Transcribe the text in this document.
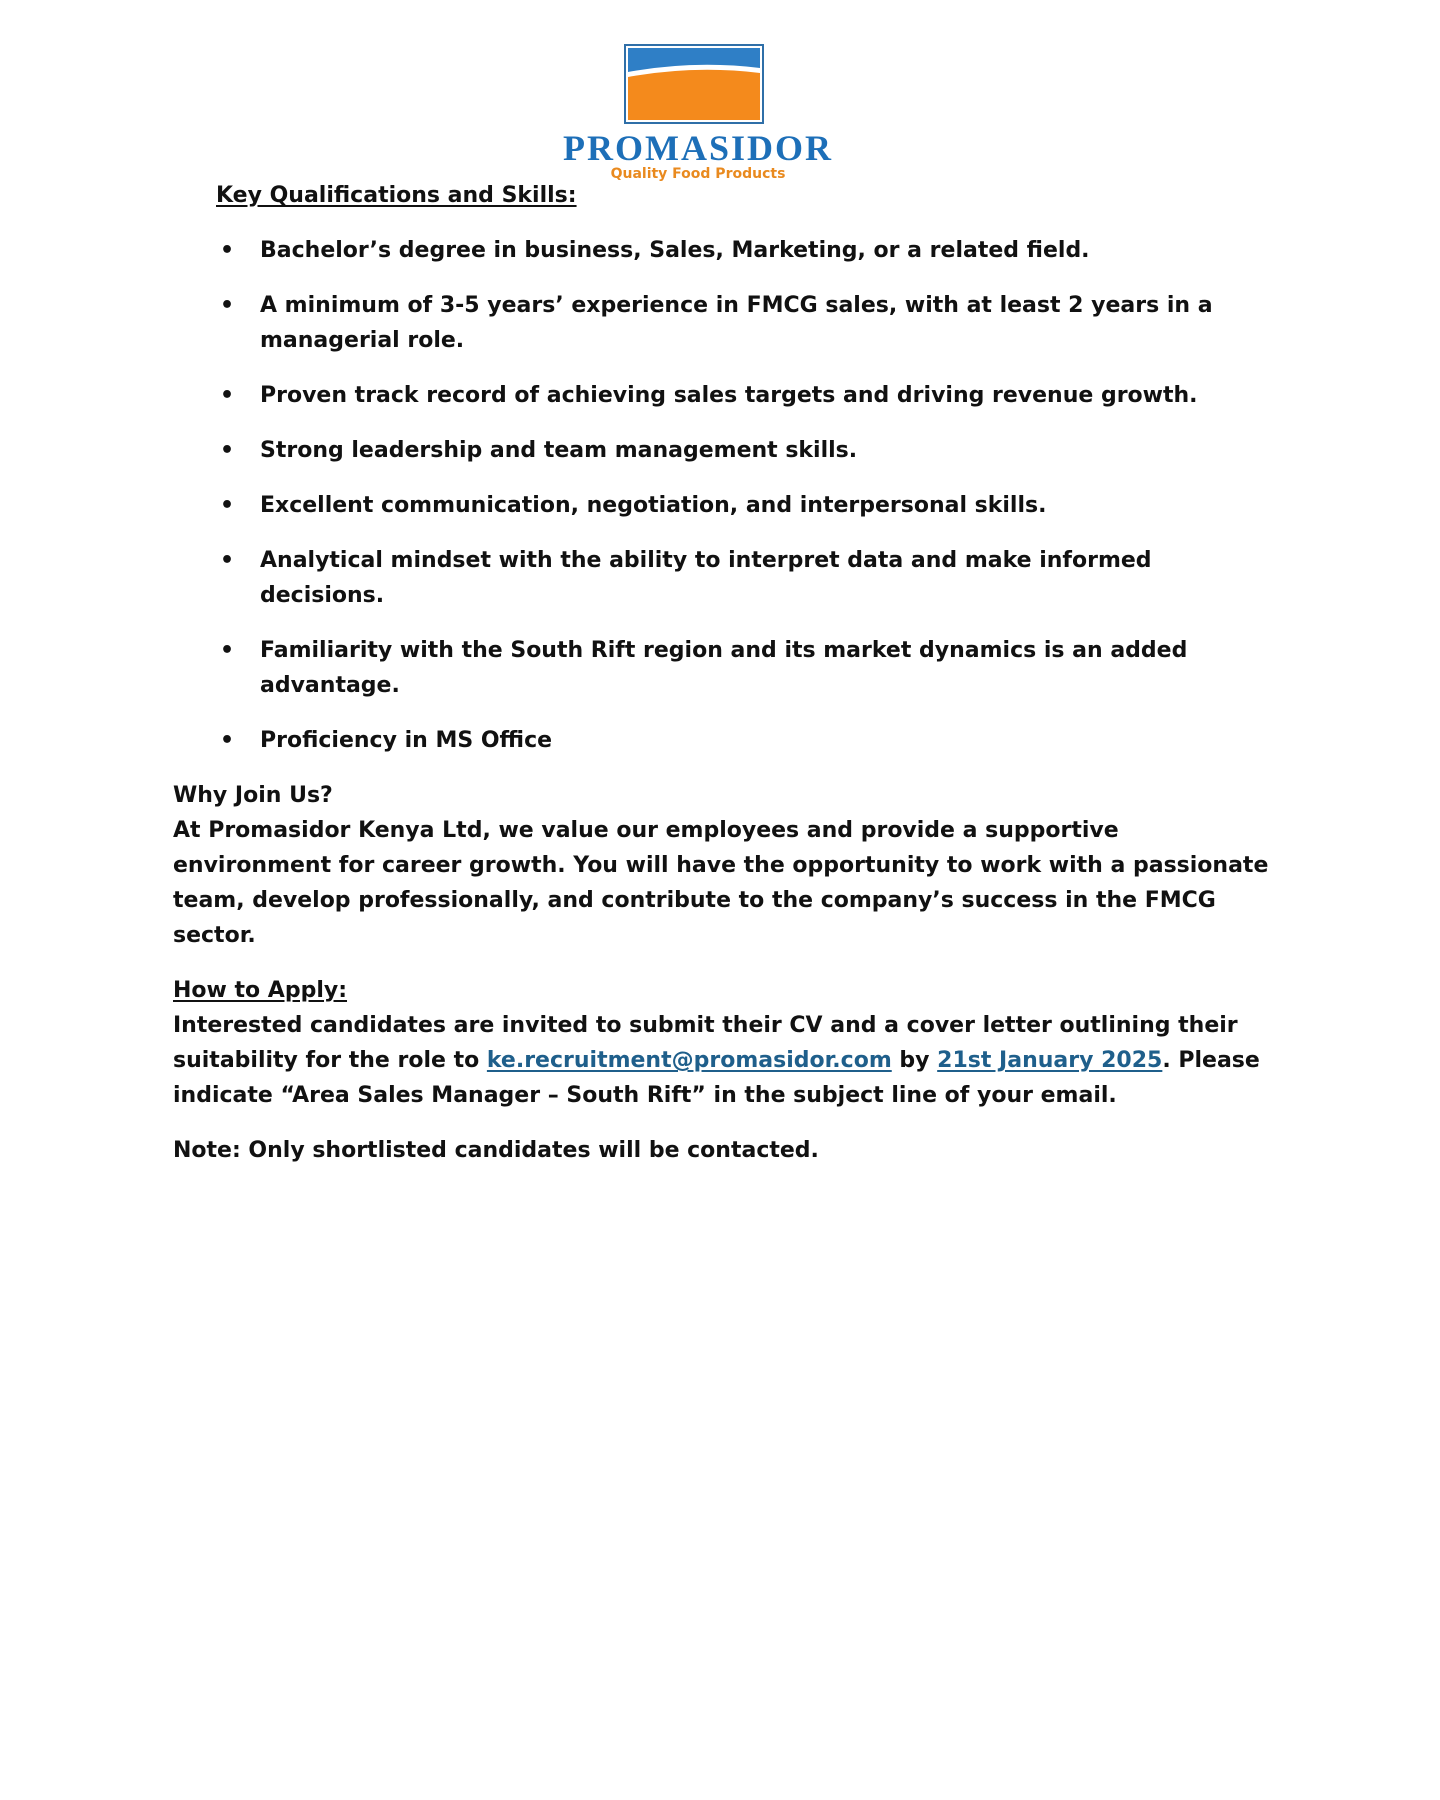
PROMASIDOR
Quality Food Products
Key Qualifications and Skills:
• Bachelor’s degree in business, Sales, Marketing, or a related field.
• A minimum of 3-5 years’ experience in FMCG sales, with at least 2 years in a managerial role.
• Proven track record of achieving sales targets and driving revenue growth.
• Strong leadership and team management skills.
• Excellent communication, negotiation, and interpersonal skills.
• Analytical mindset with the ability to interpret data and make informed decisions.
• Familiarity with the South Rift region and its market dynamics is an added advantage.
• Proficiency in MS Office
Why Join Us?

At Promasidor Kenya Ltd, we value our employees and provide a supportive environment for career growth. You will have the opportunity to work with a passionate team, develop professionally, and contribute to the company’s success in the FMCG sector.

How to Apply:

Interested candidates are invited to submit their CV and a cover letter outlining their suitability for the role to ke.recruitment@promasidor.com by 21st January 2025. Please indicate “Area Sales Manager – South Rift” in the subject line of your email.

Note: Only shortlisted candidates will be contacted.
